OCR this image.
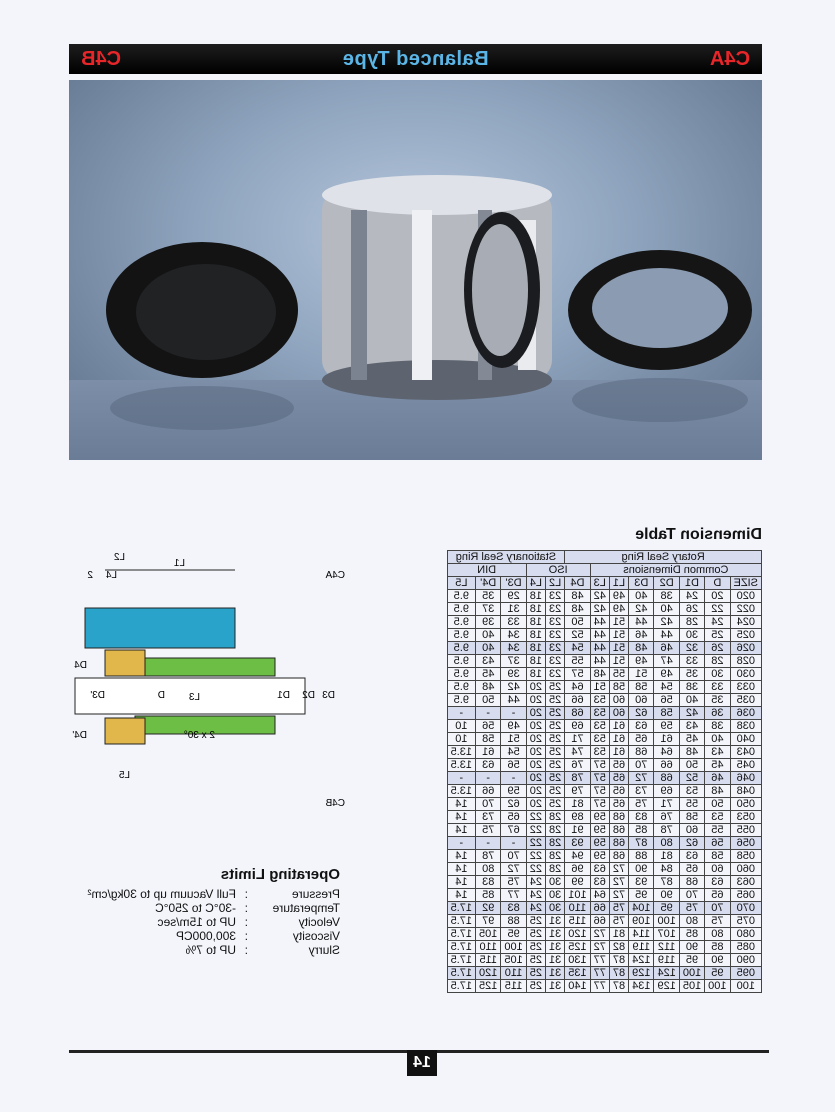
C4A
Balanced Type
C4B
Dimension Table
Rotary Seal Ring								Stationary Seal Ring				
Common Dimensions							ISO			DIN		
SIZE	D	D1	D2	D3	L1	L3	D4	L2	L4	D3'	D4'	L5
020	20	24	38	40	49	42	48	23	18	29	35	9.5
022	22	26	40	42	49	42	48	23	18	31	37	9.5
024	24	28	42	44	51	44	50	23	18	33	39	9.5
025	25	30	44	46	51	44	52	23	18	34	40	9.5
026	26	32	46	48	51	44	54	23	18	34	40	9.5
028	28	33	47	49	51	44	55	23	18	37	43	9.5
030	30	35	49	51	55	48	57	23	18	39	45	9.5
033	33	38	54	58	58	51	64	25	20	42	48	9.5
035	35	40	56	60	60	53	66	25	20	44	50	9.5
036	36	42	58	62	60	53	68	25	20	-	-	-
038	38	43	59	63	61	53	69	25	20	49	56	10
040	40	45	61	65	61	53	71	25	20	51	58	10
043	43	48	64	68	61	53	74	25	20	54	61	13.5
045	45	50	66	70	65	57	76	25	20	56	63	13.5
046	46	52	68	72	65	57	78	25	20	-	-	-
048	48	53	69	73	65	57	79	25	20	59	66	13.5
050	50	55	71	75	65	57	81	25	20	62	70	14
053	53	58	76	83	68	59	89	28	22	65	73	14
055	55	60	78	85	68	59	91	28	22	67	75	14
056	56	62	80	87	68	59	93	28	22	-	-	-
058	58	63	81	88	68	59	94	28	22	70	78	14
060	60	65	84	90	72	63	96	28	22	72	80	14
063	63	68	87	93	72	63	99	30	24	75	83	14
065	65	70	90	95	72	64	101	30	24	77	85	14
070	70	75	95	104	75	66	110	30	24	83	92	17.5
075	75	80	100	109	75	66	115	31	25	88	97	17.5
080	80	85	107	114	81	72	120	31	25	95	105	17.5
085	85	90	112	119	82	72	125	31	25	100	110	17.5
090	90	95	119	124	87	77	130	31	25	105	115	17.5
095	95	100	124	129	87	77	135	31	25	110	120	17.5
100	100	105	129	134	87	77	140	31	25	115	125	17.5
C4A
C4B
L1
L2
L4
2
L3
2 x 30°
D4
D4'
D3'	D	D1 D2 D3
L5
Operating Limits
Pressure
:
Full Vacuum up to 30kg/cm²
Temperature
:
-30°C to 250°C
Velocity
:
UP to 15m/sec
Viscosity
:
300,000CP
Slurry
:
UP to 7%
14
